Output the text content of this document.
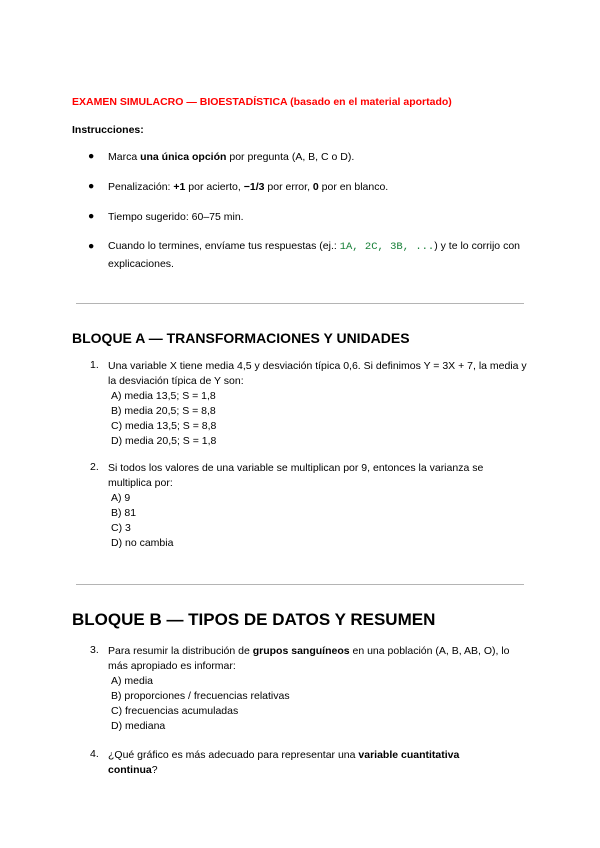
EXAMEN SIMULACRO — BIOESTADÍSTICA (basado en el material aportado)
Instrucciones:
● Marca una única opción por pregunta (A, B, C o D).
● Penalización: +1 por acierto, −1/3 por error, 0 por en blanco.
● Tiempo sugerido: 60–75 min.
● Cuando lo termines, envíame tus respuestas (ej.: 1A, 2C, 3B, ...) y te lo corrijo con explicaciones.
BLOQUE A — TRANSFORMACIONES Y UNIDADES
1. Una variable X tiene media 4,5 y desviación típica 0,6. Si definimos Y = 3X + 7, la media y la desviación típica de Y son:
A) media 13,5; S = 1,8
B) media 20,5; S = 8,8
C) media 13,5; S = 8,8
D) media 20,5; S = 1,8
2. Si todos los valores de una variable se multiplican por 9, entonces la varianza se multiplica por:
A) 9
B) 81
C) 3
D) no cambia
BLOQUE B — TIPOS DE DATOS Y RESUMEN
3. Para resumir la distribución de grupos sanguíneos en una población (A, B, AB, O), lo más apropiado es informar:
A) media
B) proporciones / frecuencias relativas
C) frecuencias acumuladas
D) mediana
4. ¿Qué gráfico es más adecuado para representar una variable cuantitativa continua?
